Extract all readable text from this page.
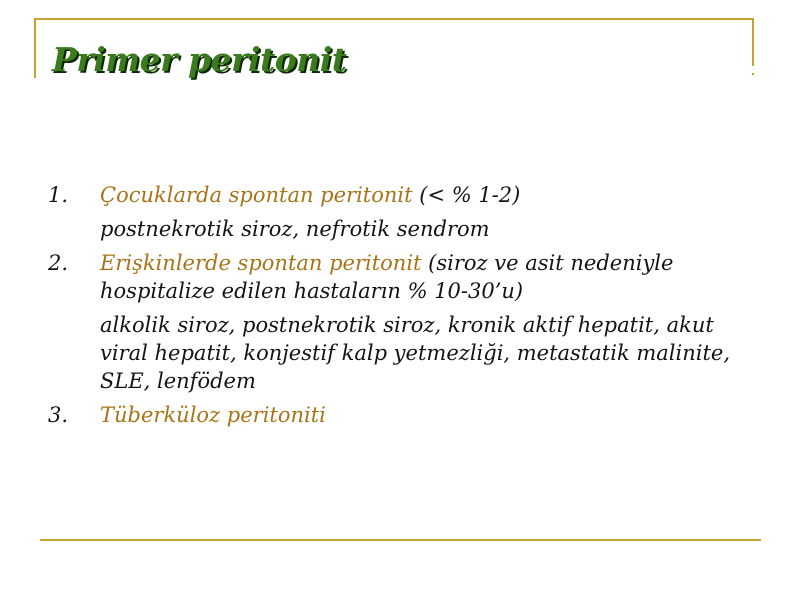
Primer peritonit
1. Çocuklarda spontan peritonit (< % 1-2)
postnekrotik siroz, nefrotik sendrom
2. Erişkinlerde spontan peritonit (siroz ve asit nedeniyle hospitalize edilen hastaların % 10-30’u)
alkolik siroz, postnekrotik siroz, kronik aktif hepatit, akut viral hepatit, konjestif kalp yetmezliği, metastatik malinite, SLE, lenfödem
3. Tüberküloz peritoniti
